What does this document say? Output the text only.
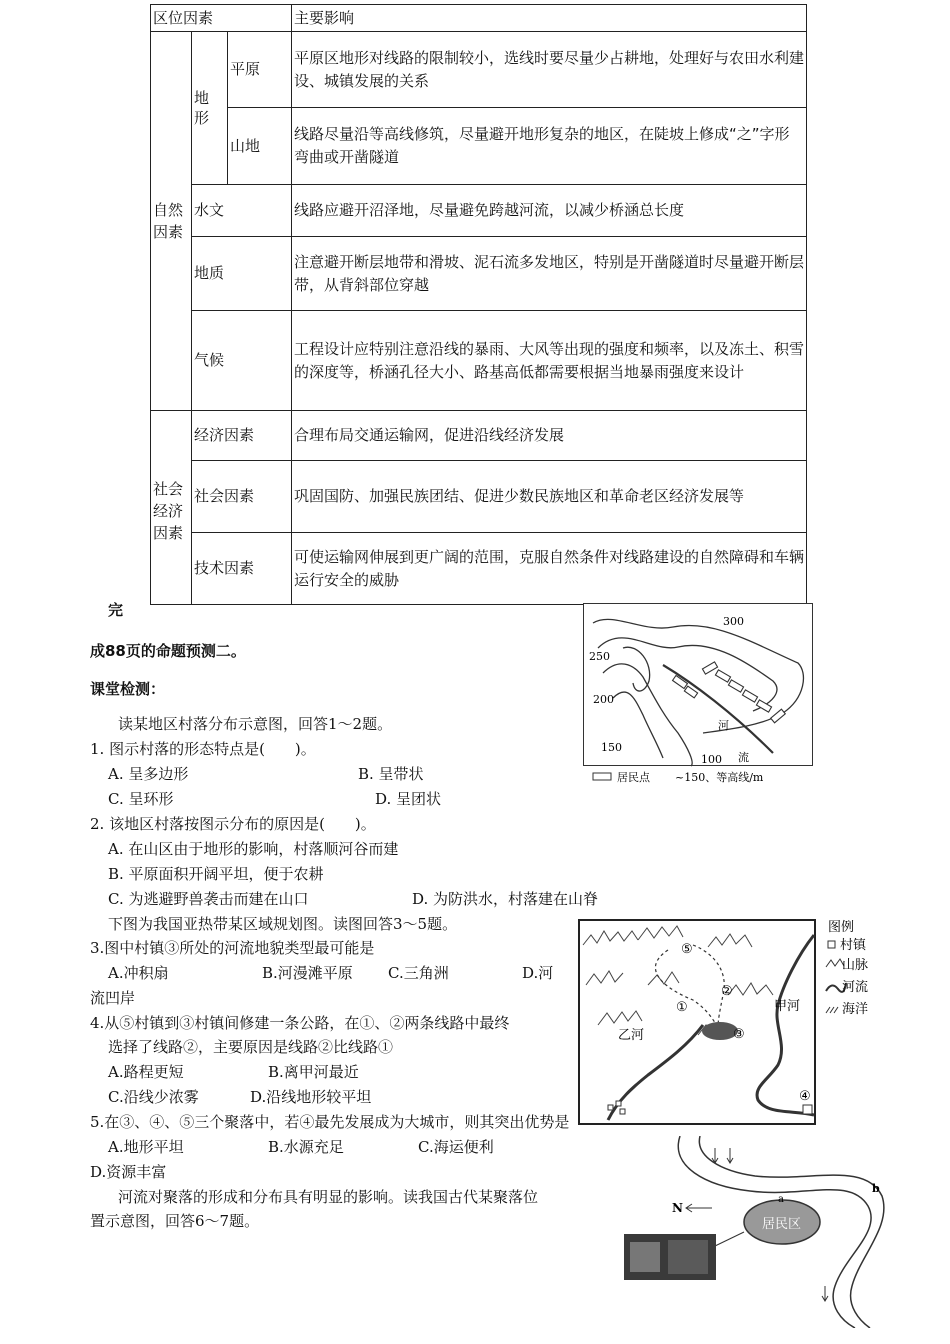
区位因素			主要影响

自然因素	地形	平原	平原区地形对线路的限制较小，选线时要尽量少占耕地，处理好与农田水利建设、城镇发展的关系
		山地	线路尽量沿等高线修筑，尽量避开地形复杂的地区，在陡坡上修成“之”字形弯曲或开凿隧道
	水文		线路应避开沼泽地，尽量避免跨越河流，以减少桥涵总长度
	地质		注意避开断层地带和滑坡、泥石流多发地区，特别是开凿隧道时尽量避开断层带，从背斜部位穿越
	气候		工程设计应特别注意沿线的暴雨、大风等出现的强度和频率，以及冻土、积雪的深度等，桥涵孔径大小、路基高低都需要根据当地暴雨强度来设计

社会经济因素	经济因素		合理布局交通运输网，促进沿线经济发展
	社会因素		巩固国防、加强民族团结、促进少数民族地区和革命老区经济发展等
	技术因素		可使运输网伸展到更广阔的范围，克服自然条件对线路建设的自然障碍和车辆运行安全的威胁
完
成88页的命题预测二。
课堂检测：
读某地区村落分布示意图，回答1～2题。
1. 图示村落的形态特点是(　　)。
A. 呈多边形	B. 呈带状
C. 呈环形	D. 呈团状
2. 该地区村落按图示分布的原因是(　　)。
A. 在山区由于地形的影响，村落顺河谷而建
B. 平原面积开阔平坦，便于农耕
C. 为逃避野兽袭击而建在山口	D. 为防洪水，村落建在山脊
下图为我国亚热带某区域规划图。读图回答3～5题。
3.图中村镇③所处的河流地貌类型最可能是
A.冲积扇	B.河漫滩平原 C.三角洲	D.河
流凹岸
4.从⑤村镇到③村镇间修建一条公路，在①、②两条线路中最终
选择了线路②，主要原因是线路②比线路①
A.路程更短	B.离甲河最近
C.沿线少浓雾	D.沿线地形较平坦
5.在③、④、⑤三个聚落中，若④最先发展成为大城市，则其突出优势是
A.地形平坦	B.水源充足	C.海运便利
D.资源丰富
河流对聚落的形成和分布具有明显的影响。读我国古代某聚落位
置示意图，回答6～7题。
300
250
200
150
100
河
流
居民点 ~150、等高线/m
⑤
①
②
③
④
甲河
乙河
图例
村镇
山脉
河流
海洋
N
居民区
a
b
